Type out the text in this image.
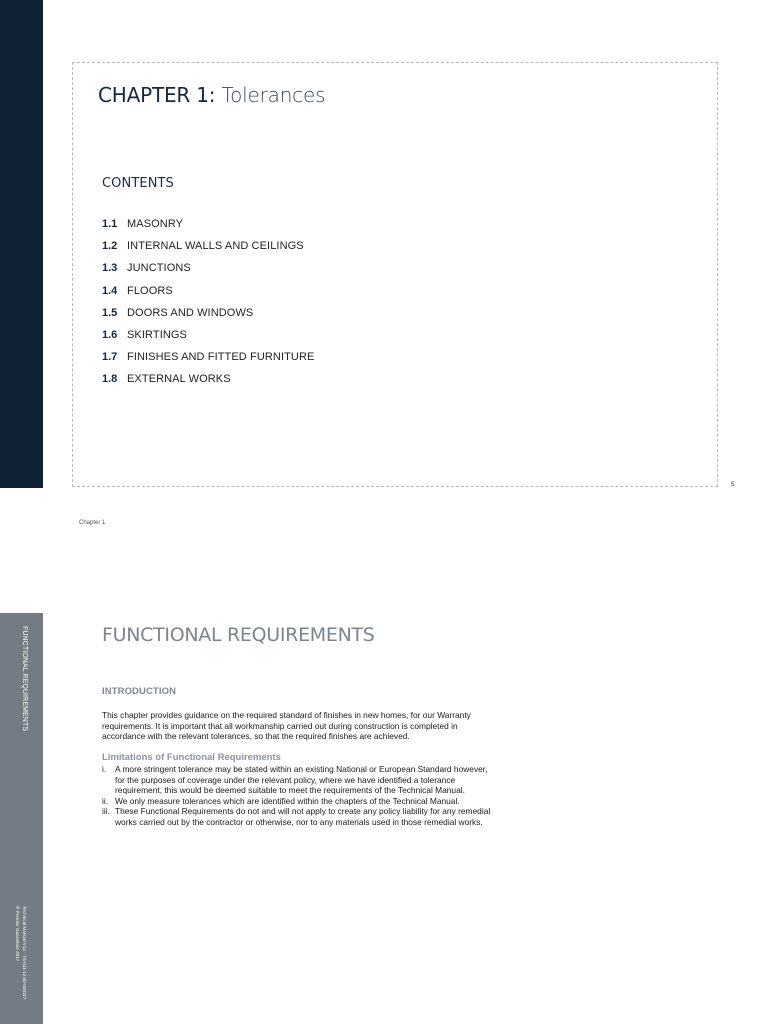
CHAPTER 1: Tolerances
CONTENTS
1.1 MASONRY
1.2 INTERNAL WALLS AND CEILINGS
1.3 JUNCTIONS
1.4 FLOORS
1.5 DOORS AND WINDOWS
1.6 SKIRTINGS
1.7 FINISHES AND FITTED FURNITURE
1.8 EXTERNAL WORKS
5
Chapter 1
FUNCTIONAL REQUIREMENTS
Technical Manual V12 - TS-011-12.00-010117
© Premier Guarantee 2017
FUNCTIONAL REQUIREMENTS
INTRODUCTION

This chapter provides guidance on the required standard of finishes in new homes, for our Warranty requirements. It is important that all workmanship carried out during construction is completed in accordance with the relevant tolerances, so that the required finishes are achieved.

Limitations of Functional Requirements
i.	A more stringent tolerance may be stated within an existing National or European Standard however, for the purposes of coverage under the relevant policy, where we have identified a tolerance requirement, this would be deemed suitable to meet the requirements of the Technical Manual.
ii. We only measure tolerances which are identified within the chapters of the Technical Manual.
iii. These Functional Requirements do not and will not apply to create any policy liability for any remedial works carried out by the contractor or otherwise, nor to any materials used in those remedial works.
